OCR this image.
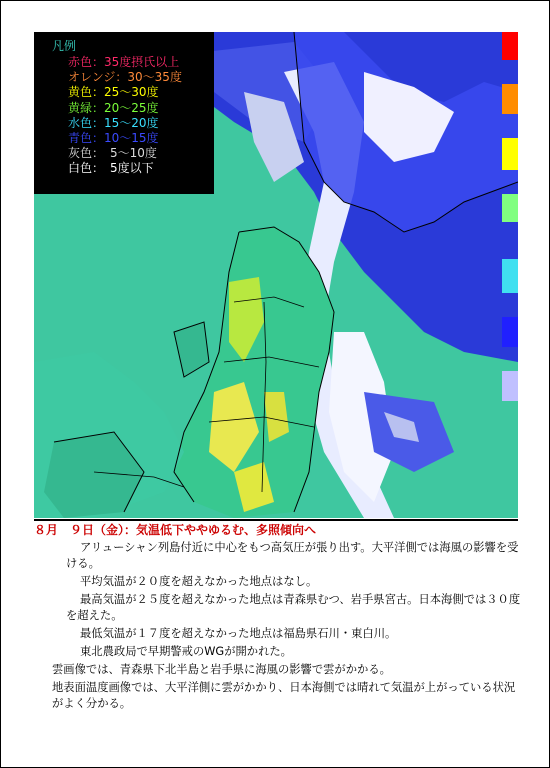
凡例
赤色：35度摂氏以上
オレンジ：30～35度
黄色：25～30度
黄緑：20～25度
水色：15～20度
青色：10～15度
灰色：　5～10度
白色：　5度以下
８月　９日（金）：気温低下ややゆるむ、多照傾向へ

アリューシャン列島付近に中心をもつ高気圧が張り出す。大平洋側では海風の影響を受ける。

平均気温が２０度を超えなかった地点はなし。

最高気温が２５度を超えなかった地点は青森県むつ、岩手県宮古。日本海側では３０度を超えた。

最低気温が１７度を超えなかった地点は福島県石川・東白川。

東北農政局で早期警戒のWGが開かれた。

雲画像では、青森県下北半島と岩手県に海風の影響で雲がかかる。

地表面温度画像では、大平洋側に雲がかかり、日本海側では晴れて気温が上がっている状況がよく分かる。
